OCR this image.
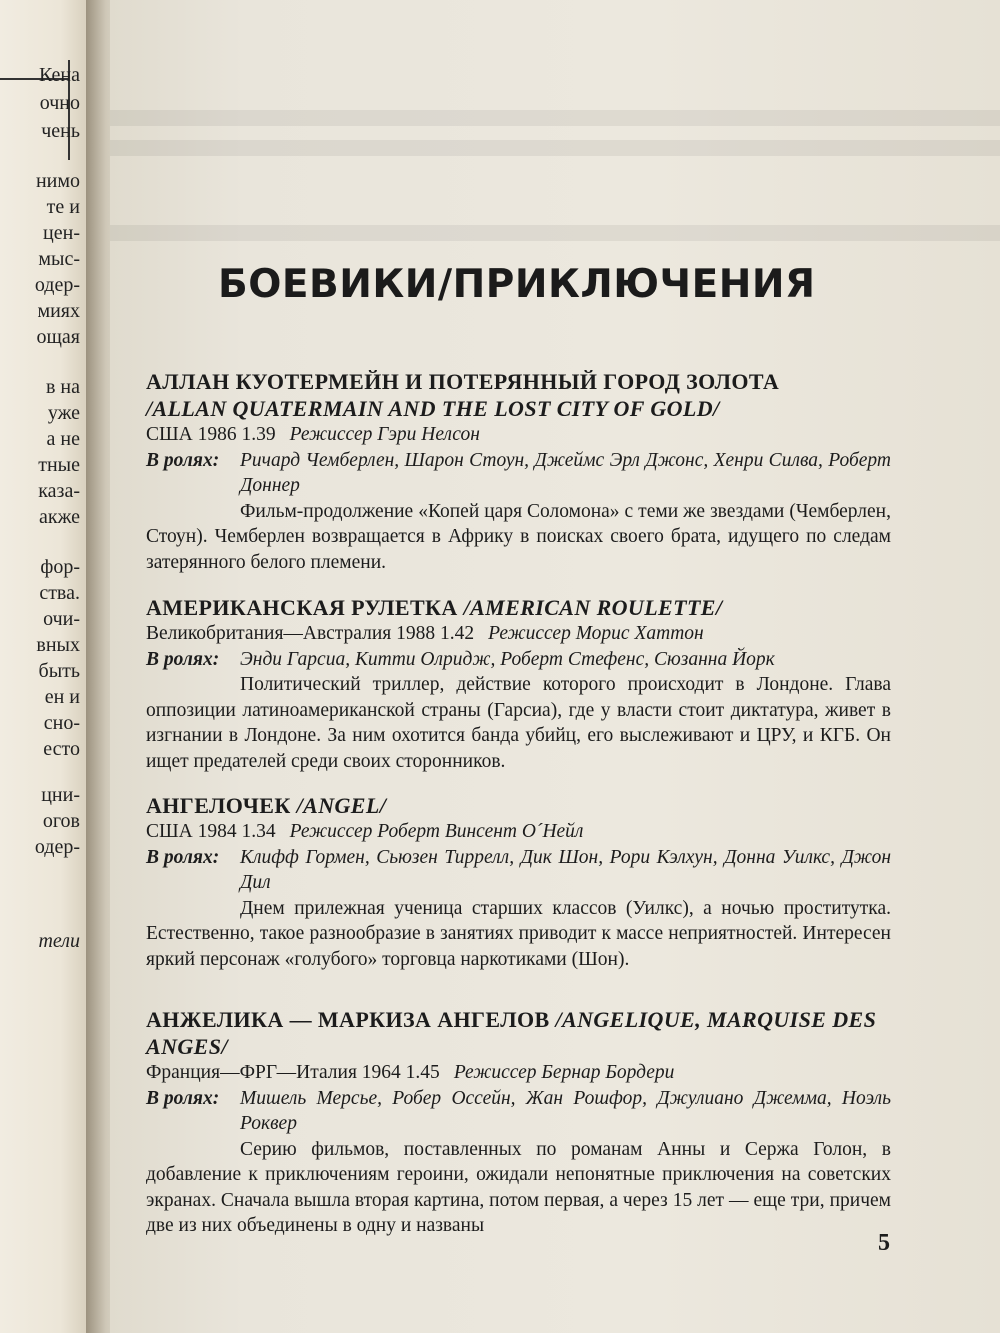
Кена
очно
чень
нимо
те и
цен-
мыс-
одер-
миях
ощая
в на
уже
а не
тные
каза-
акже
фор-
ства.
очи-
вных
быть
ен и
сно-
есто
цни-
огов
одер-
тели
БОЕВИКИ/ПРИКЛЮЧЕНИЯ
АЛЛАН КУОТЕРМЕЙН И ПОТЕРЯННЫЙ ГОРОД ЗОЛОТА
/ALLAN QUATERMAIN AND THE LOST CITY OF GOLD/
США 1986 1.39 Режиссер Гэри Нелсон
В ролях:	Ричард Чемберлен, Шарон Стоун, Джеймс Эрл Джонс, Хенри Силва, Роберт Доннер
Фильм-продолжение «Копей царя Соломона» с теми же звездами (Чемберлен, Стоун). Чемберлен возвращается в Африку в поисках своего брата, идущего по следам затерянного белого племени.
АМЕРИКАНСКАЯ РУЛЕТКА /AMERICAN ROULETTE/
Великобритания—Австралия 1988 1.42 Режиссер Морис Хаттон
В ролях:	Энди Гарсиа, Китти Олридж, Роберт Стефенс, Сюзанна Йорк
Политический триллер, действие которого происходит в Лондоне. Глава оппозиции латиноамериканской страны (Гарсиа), где у власти стоит диктатура, живет в изгнании в Лондоне. За ним охотится банда убийц, его выслеживают и ЦРУ, и КГБ. Он ищет предателей среди своих сторонников.
АНГЕЛОЧЕК /ANGEL/
США 1984 1.34 Режиссер Роберт Винсент О´Нейл
В ролях:	Клифф Гормен, Сьюзен Тиррелл, Дик Шон, Рори Кэлхун, Донна Уилкс, Джон Дил
Днем прилежная ученица старших классов (Уилкс), а ночью проститутка. Естественно, такое разнообразие в занятиях приводит к массе неприятностей. Интересен яркий персонаж «голубого» торговца наркотиками (Шон).
АНЖЕЛИКА — МАРКИЗА АНГЕЛОВ /ANGELIQUE, MARQUISE DES ANGES/
Франция—ФРГ—Италия 1964 1.45 Режиссер Бернар Бордери
В ролях:	Мишель Мерсье, Робер Оссейн, Жан Рошфор, Джулиано Джемма, Ноэль Роквер
Серию фильмов, поставленных по романам Анны и Сержа Голон, в добавление к приключениям героини, ожидали непонятные приключения на советских экранах. Сначала вышла вторая картина, потом первая, а через 15 лет — еще три, причем две из них объединены в одну и названы
5
